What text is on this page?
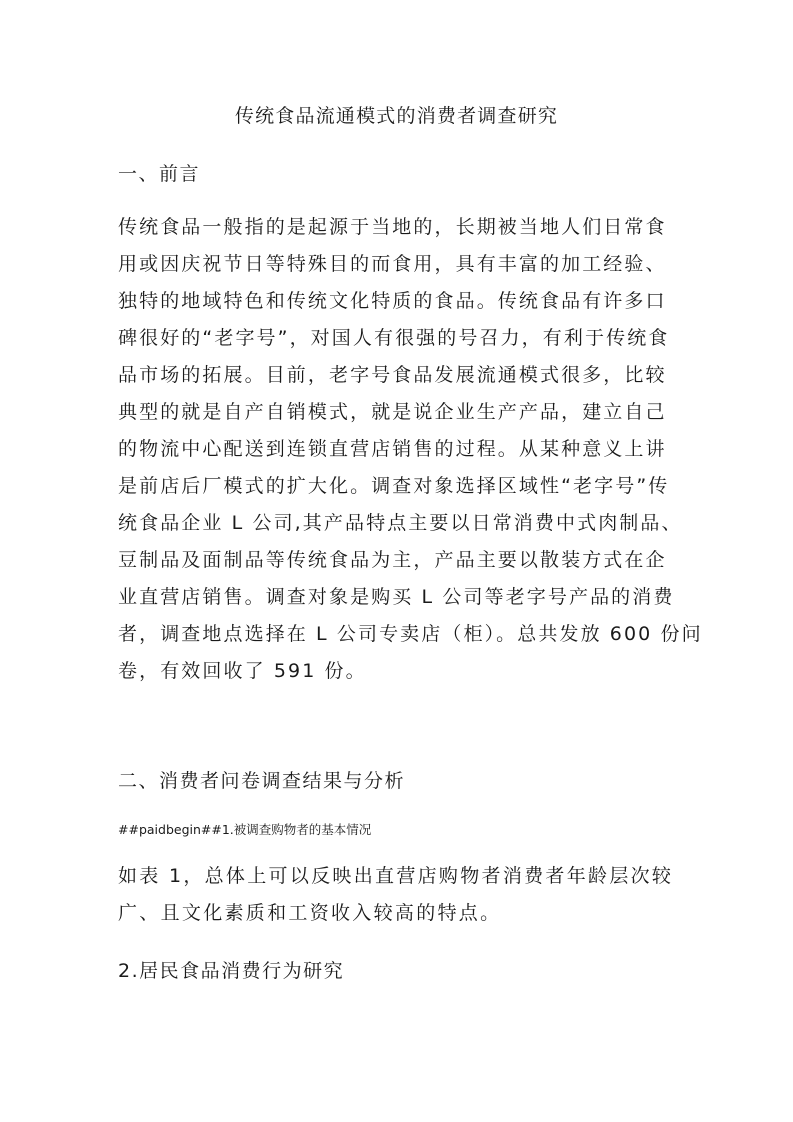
传统食品流通模式的消费者调查研究
一、前言
传统食品一般指的是起源于当地的，长期被当地人们日常食
用或因庆祝节日等特殊目的而食用，具有丰富的加工经验、
独特的地域特色和传统文化特质的食品。传统食品有许多口
碑很好的“老字号”，对国人有很强的号召力，有利于传统食
品市场的拓展。目前，老字号食品发展流通模式很多，比较
典型的就是自产自销模式，就是说企业生产产品，建立自己
的物流中心配送到连锁直营店销售的过程。从某种意义上讲
是前店后厂模式的扩大化。调查对象选择区域性“老字号”传
统食品企业 L 公司,其产品特点主要以日常消费中式肉制品、
豆制品及面制品等传统食品为主，产品主要以散装方式在企
业直营店销售。调查对象是购买 L 公司等老字号产品的消费
者，调查地点选择在 L 公司专卖店（柜）。总共发放 600 份问
卷，有效回收了 591 份。
二、消费者问卷调查结果与分析
##paidbegin##1.被调查购物者的基本情况
如表 1，总体上可以反映出直营店购物者消费者年龄层次较
广、且文化素质和工资收入较高的特点。
2.居民食品消费行为研究
